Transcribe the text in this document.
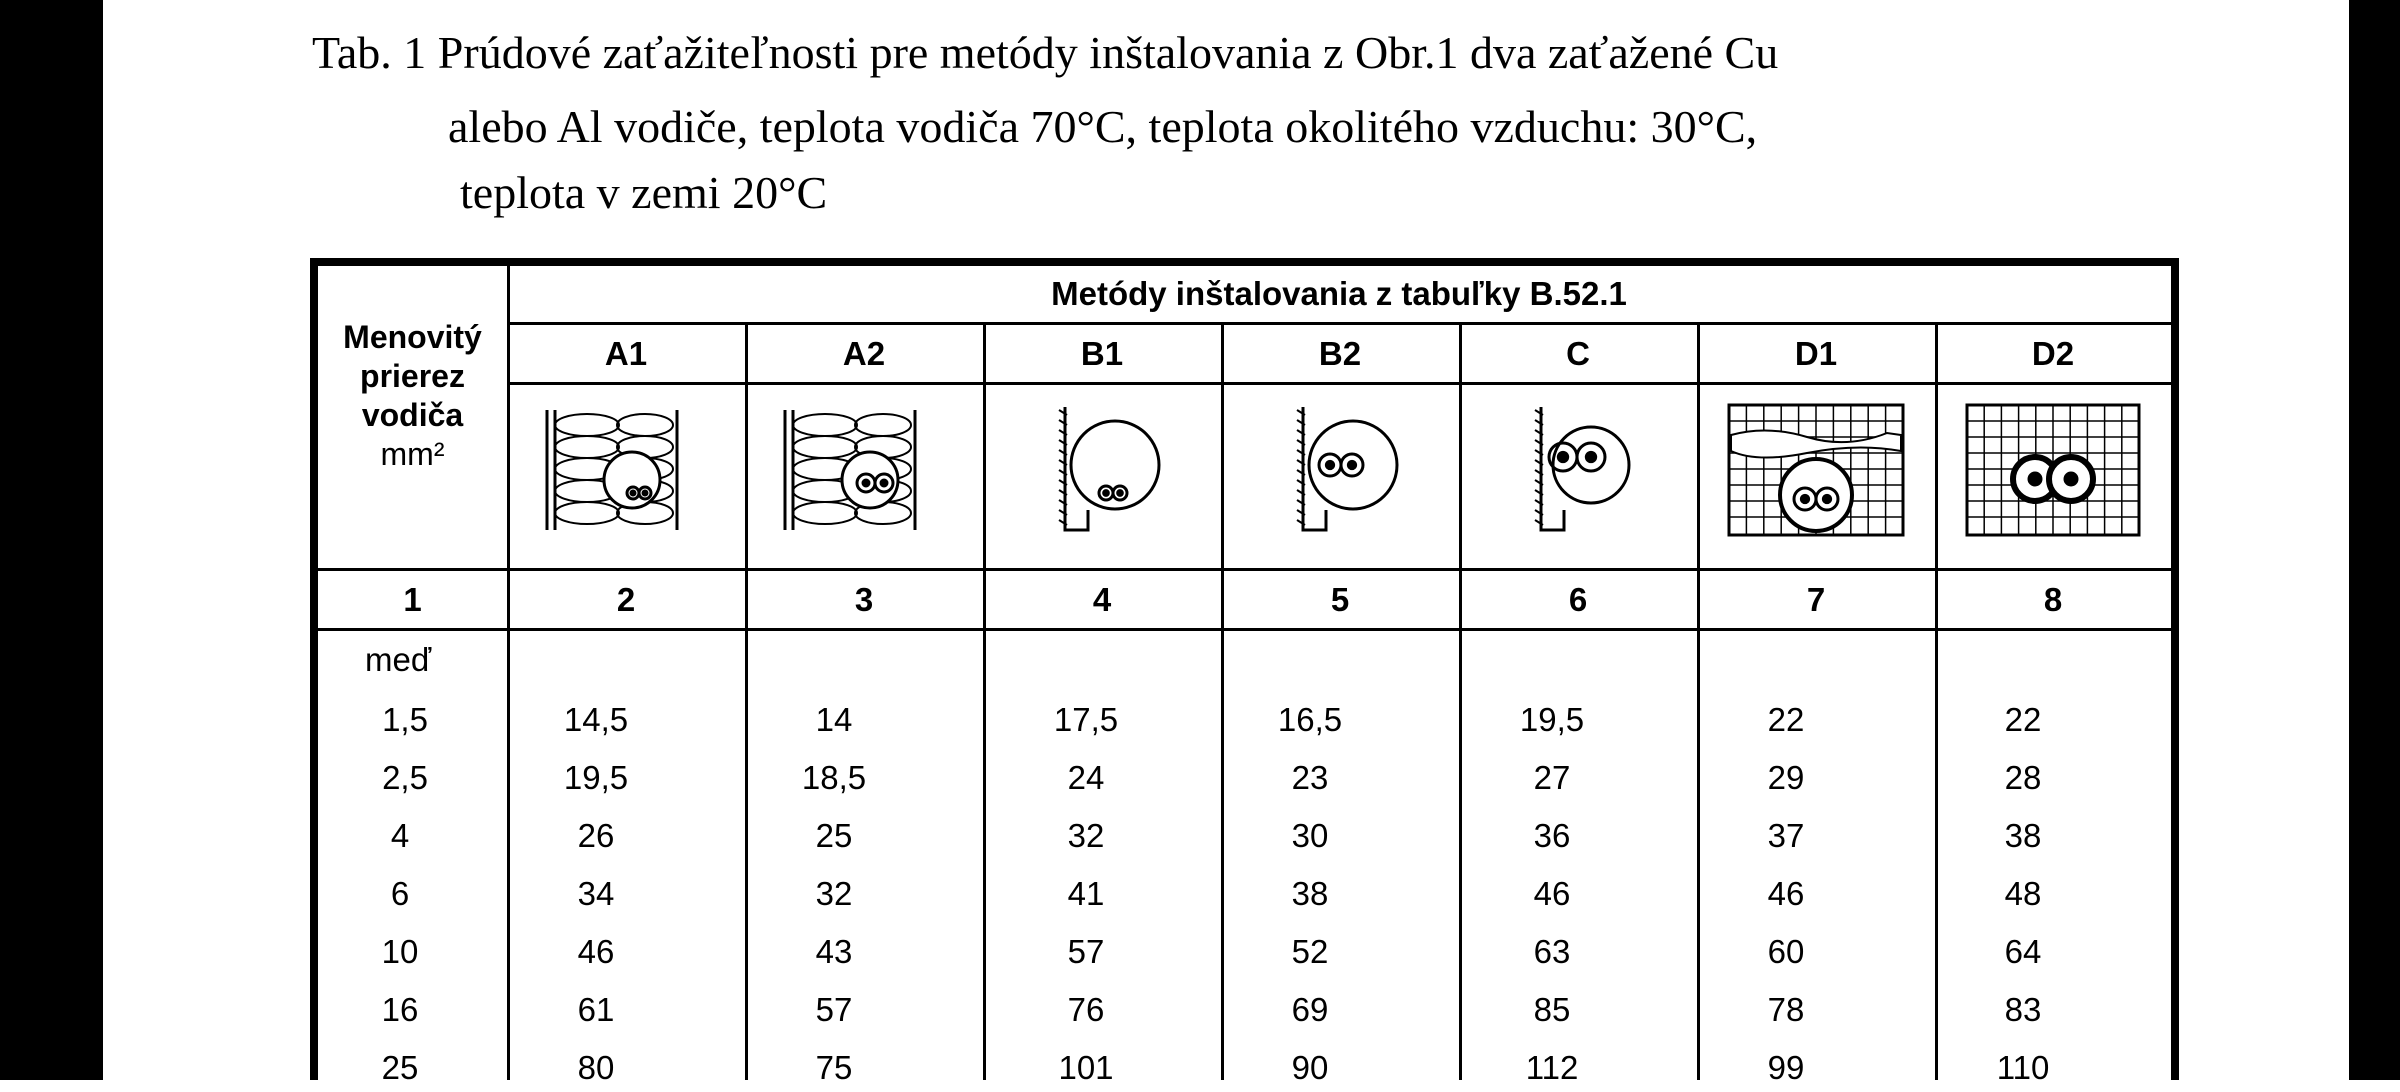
Tab. 1 Prúdové zaťažiteľnosti pre metódy inštalovania z Obr.1 dva zaťažené Cu
alebo Al vodiče, teplota vodiča 70°C, teplota okolitého vzduchu: 30°C,
teplota v zemi 20°C
Metódy inštalovania z tabuľky B.52.1
Menovitý
prierez
vodiča
mm²
A1	A2	B1	B2	C	D1	D2
1	2	3	4	5	6	7	8
meď
1,5	14,5	14	17,5	16,5	19,5	22	22
2,5	19,5	18,5	24	23	27	29	28
4	26	25	32	30	36	37	38
6	34	32	41	38	46	46	48
10	46	43	57	52	63	60	64
16	61	57	76	69	85	78	83
25	80	75	101	90	112	99	110
